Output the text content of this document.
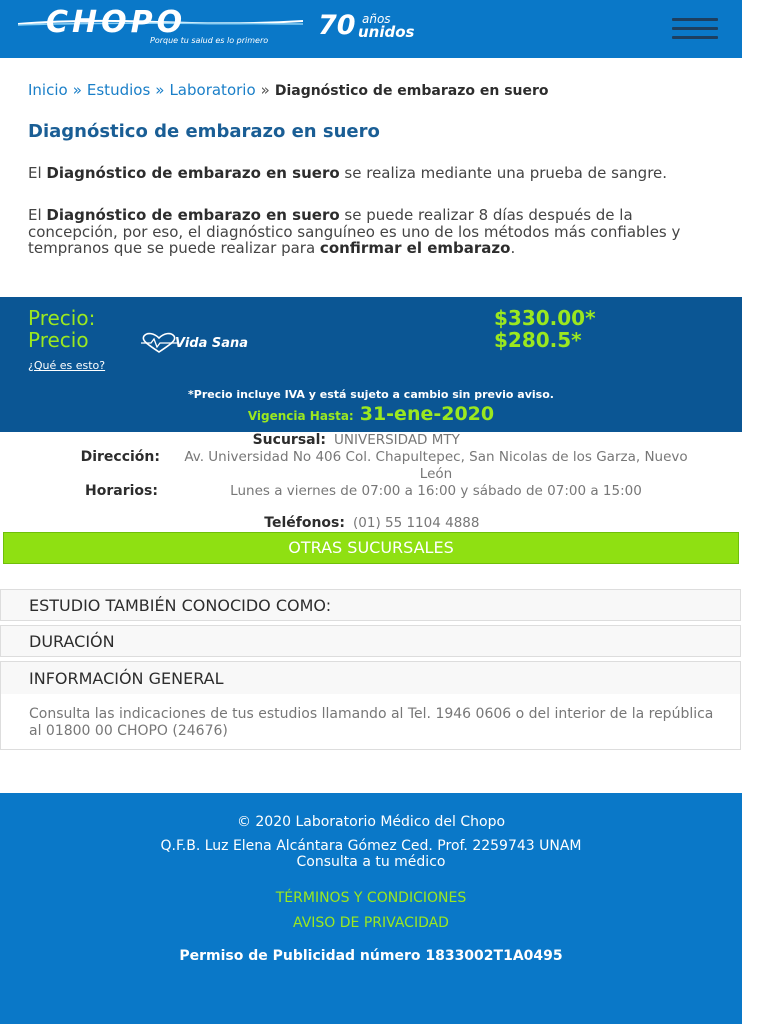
CHOPO
Porque tu salud es lo primero 70 años
unidos
Inicio » Estudios » Laboratorio » Diagnóstico de embarazo en suero
Diagnóstico de embarazo en suero

El Diagnóstico de embarazo en suero se realiza mediante una prueba de sangre.

El Diagnóstico de embarazo en suero se puede realizar 8 días después de la concepción, por eso, el diagnóstico sanguíneo es uno de los métodos más confiables y tempranos que se puede realizar para confirmar el embarazo.

Precio:	$330.00*
Precio	Vida Sana	$280.5*
¿Qué es esto?
*Precio incluye IVA y está sujeto a cambio sin previo aviso.
Vigencia Hasta: 31-ene-2020
Sucursal: UNIVERSIDAD MTY
Dirección:	Av. Universidad No 406 Col. Chapultepec, San Nicolas de los Garza, Nuevo León
Horarios:	Lunes a viernes de 07:00 a 16:00 y sábado de 07:00 a 15:00
Teléfonos: (01) 55 1104 4888
OTRAS SUCURSALES
ESTUDIO TAMBIÉN CONOCIDO COMO:
DURACIÓN
INFORMACIÓN GENERAL

Consulta las indicaciones de tus estudios llamando al Tel. 1946 0606 o del interior de la república al 01800 00 CHOPO (24676)

© 2020 Laboratorio Médico del Chopo
Q.F.B. Luz Elena Alcántara Gómez Ced. Prof. 2259743 UNAM
Consulta a tu médico
TÉRMINOS Y CONDICIONES
AVISO DE PRIVACIDAD
Permiso de Publicidad número 1833002T1A0495
